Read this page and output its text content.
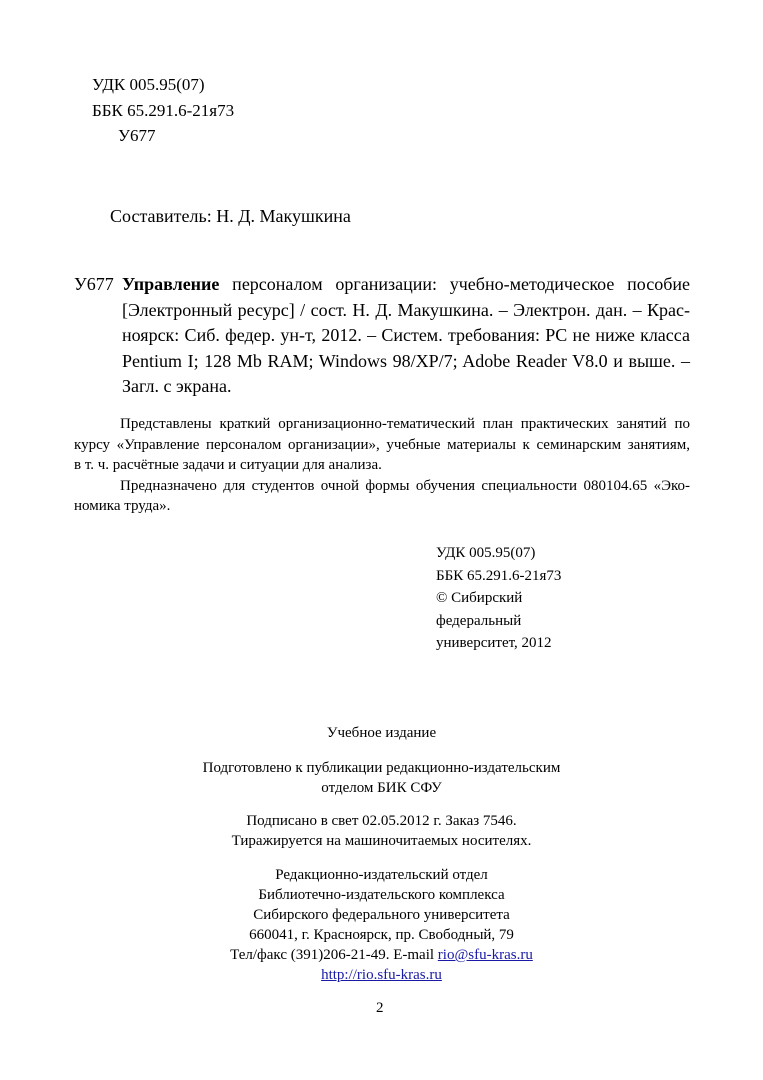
УДК 005.95(07)
ББК 65.291.6-21я73
У677
Составитель: Н. Д. Макушкина
У677 Управление персоналом организации: учебно-методическое пособие
[Электронный ресурс] / сост. Н. Д. Макушкина. – Электрон. дан. – Крас-
ноярск: Сиб. федер. ун-т, 2012. – Систем. требования: PC не ниже класса
Pentium I; 128 Mb RAM; Windows 98/XP/7; Adobe Reader V8.0 и выше. –
Загл. с экрана.
Представлены краткий организационно-тематический план практических занятий по
курсу «Управление персоналом организации», учебные материалы к семинарским занятиям,
в т. ч. расчётные задачи и ситуации для анализа.
Предназначено для студентов очной формы обучения специальности 080104.65 «Эко-
номика труда».
УДК 005.95(07)
ББК 65.291.6-21я73
© Сибирский
федеральный
университет, 2012
Учебное издание
Подготовлено к публикации редакционно-издательским
отделом БИК СФУ
Подписано в свет 02.05.2012 г. Заказ 7546.
Тиражируется на машиночитаемых носителях.
Редакционно-издательский отдел
Библиотечно-издательского комплекса
Сибирского федерального университета
660041, г. Красноярск, пр. Свободный, 79
Тел/факс (391)206-21-49. E-mail rio@sfu-kras.ru
http://rio.sfu-kras.ru
2
